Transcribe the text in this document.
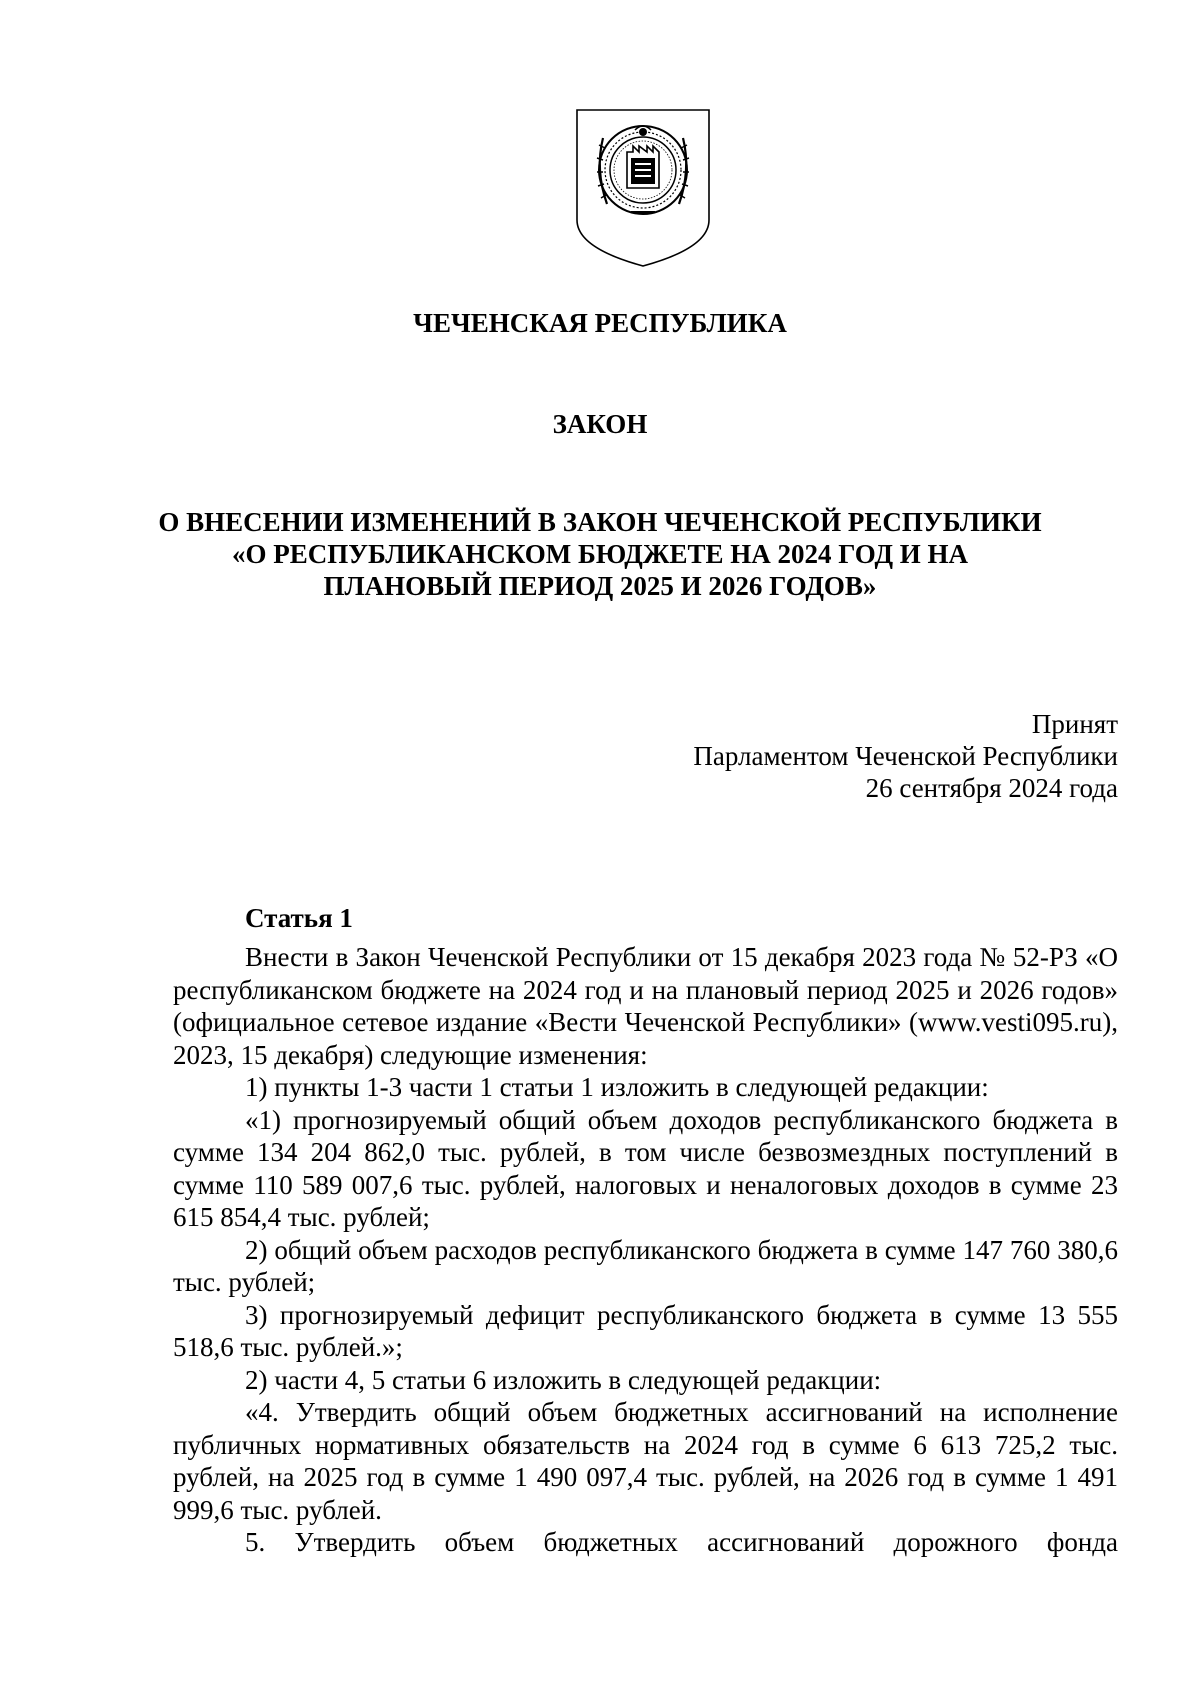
ЧЕЧЕНСКАЯ РЕСПУБЛИКА
ЗАКОН
О ВНЕСЕНИИ ИЗМЕНЕНИЙ В ЗАКОН ЧЕЧЕНСКОЙ РЕСПУБЛИКИ
«О РЕСПУБЛИКАНСКОМ БЮДЖЕТЕ НА 2024 ГОД И НА
ПЛАНОВЫЙ ПЕРИОД 2025 И 2026 ГОДОВ»
Принят
Парламентом Чеченской Республики
26 сентября 2024 года
Статья 1
Внести в Закон Чеченской Республики от 15 декабря 2023 года № 52-РЗ «О республиканском бюджете на 2024 год и на плановый период 2025 и 2026 годов» (официальное сетевое издание «Вести Чеченской Республики» (www.vesti095.ru), 2023, 15 декабря) следующие изменения:
1) пункты 1-3 части 1 статьи 1 изложить в следующей редакции:
«1) прогнозируемый общий объем доходов республиканского бюджета в сумме 134 204 862,0 тыс. рублей, в том числе безвозмездных поступлений в сумме 110 589 007,6 тыс. рублей, налоговых и неналоговых доходов в сумме 23 615 854,4 тыс. рублей;
2) общий объем расходов республиканского бюджета в сумме 147 760 380,6 тыс. рублей;
3) прогнозируемый дефицит республиканского бюджета в сумме 13 555 518,6 тыс. рублей.»;
2) части 4, 5 статьи 6 изложить в следующей редакции:
«4. Утвердить общий объем бюджетных ассигнований на исполнение публичных нормативных обязательств на 2024 год в сумме 6 613 725,2 тыс. рублей, на 2025 год в сумме 1 490 097,4 тыс. рублей, на 2026 год в сумме 1 491 999,6 тыс. рублей.
5. Утвердить объем бюджетных ассигнований дорожного фонда
